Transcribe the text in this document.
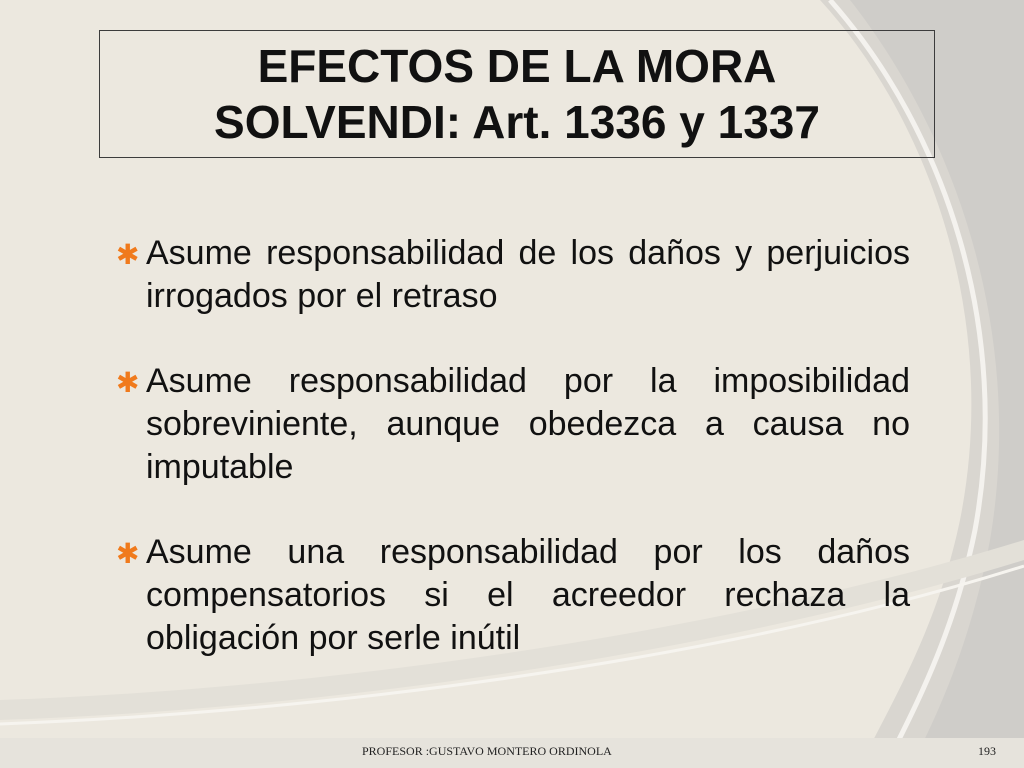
EFECTOS DE LA MORA
SOLVENDI: Art. 1336 y 1337
✱ Asume responsabilidad de los daños y perjuicios irrogados por el retraso
✱ Asume responsabilidad por la imposibilidad sobreviniente, aunque obedezca a causa no imputable
✱ Asume una responsabilidad por los daños compensatorios si el acreedor rechaza la obligación por serle inútil
PROFESOR :GUSTAVO MONTERO ORDINOLA	193
